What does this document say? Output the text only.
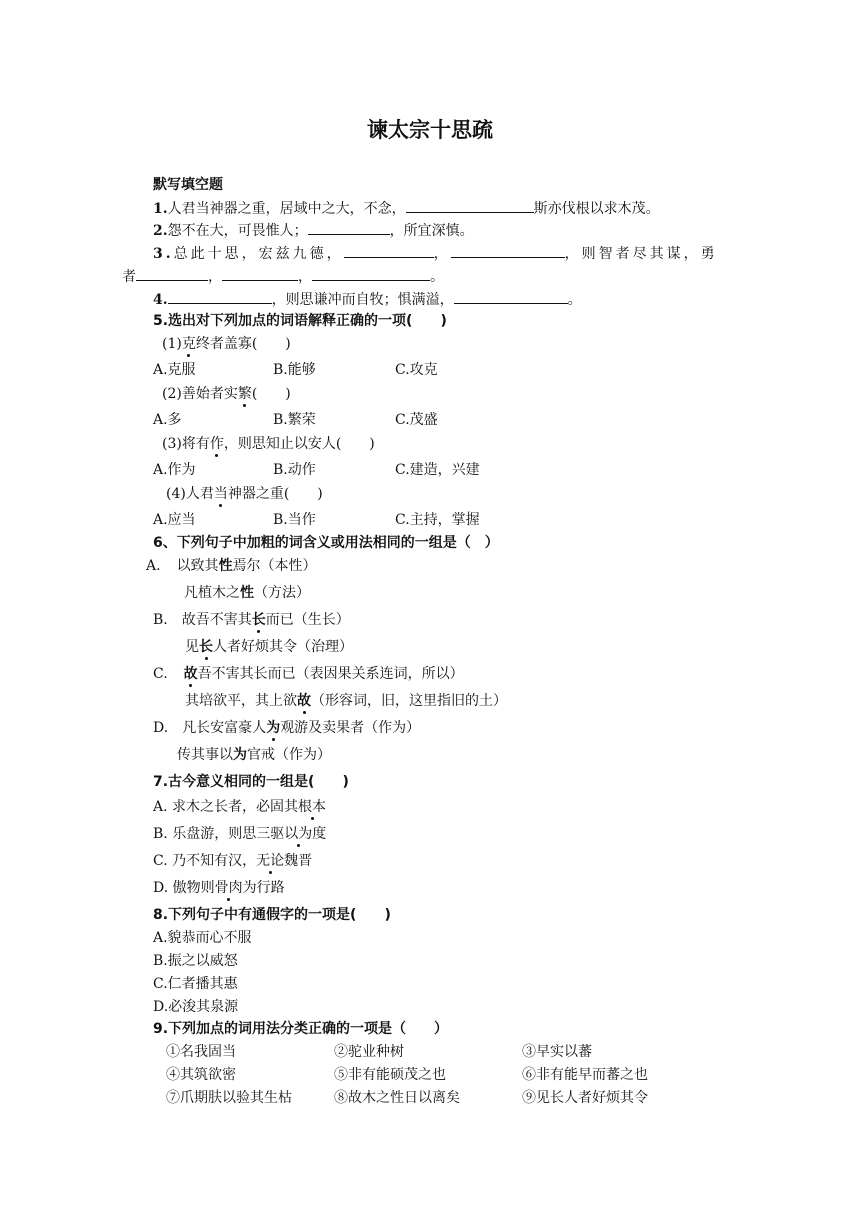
谏太宗十思疏
默写填空题
1.人君当神器之重，居域中之大，不念，	斯亦伐根以求木茂。
2.怨不在大，可畏惟人；	，所宜深慎。
3.总此十思，宏兹九德，	，	，则智者尽其谋，勇
者	，	，	。
4.	，则思谦冲而自牧；惧满溢，	。
5.选出对下列加点的词语解释正确的一项(　　)
(1)克终者盖寡(　　)
A.克服	B.能够	C.攻克
(2)善始者实繁(　　)
A.多	B.繁荣	C.茂盛
(3)将有作，则思知止以安人(　　)
A.作为	B.动作	C.建造，兴建
(4)人君当神器之重(　　)
A.应当	B.当作	C.主持，掌握
6、下列句子中加粗的词含义或用法相同的一组是（　）
A. 以致其性焉尔（本性）
凡植木之性（方法）
B. 故吾不害其长而已（生长）
见长人者好烦其令（治理）
C. 故吾不害其长而已（表因果关系连词，所以）
其培欲平，其上欲故（形容词，旧，这里指旧的土）
D. 凡长安富豪人为观游及卖果者（作为）
传其事以为官戒（作为）
7.古今意义相同的一组是(　　)
A. 求木之长者，必固其根本
B. 乐盘游，则思三驱以为度
C. 乃不知有汉，无论魏晋
D. 傲物则骨肉为行路
8.下列句子中有通假字的一项是(　　)
A.貌恭而心不服
B.振之以威怒
C.仁者播其惠
D.必浚其泉源
9.下列加点的词用法分类正确的一项是（　　）
①名我固当	②驼业种树	③早实以蕃
④其筑欲密	⑤非有能硕茂之也	⑥非有能早而蕃之也
⑦爪期肤以验其生枯	⑧故木之性日以离矣	⑨见长人者好烦其令
